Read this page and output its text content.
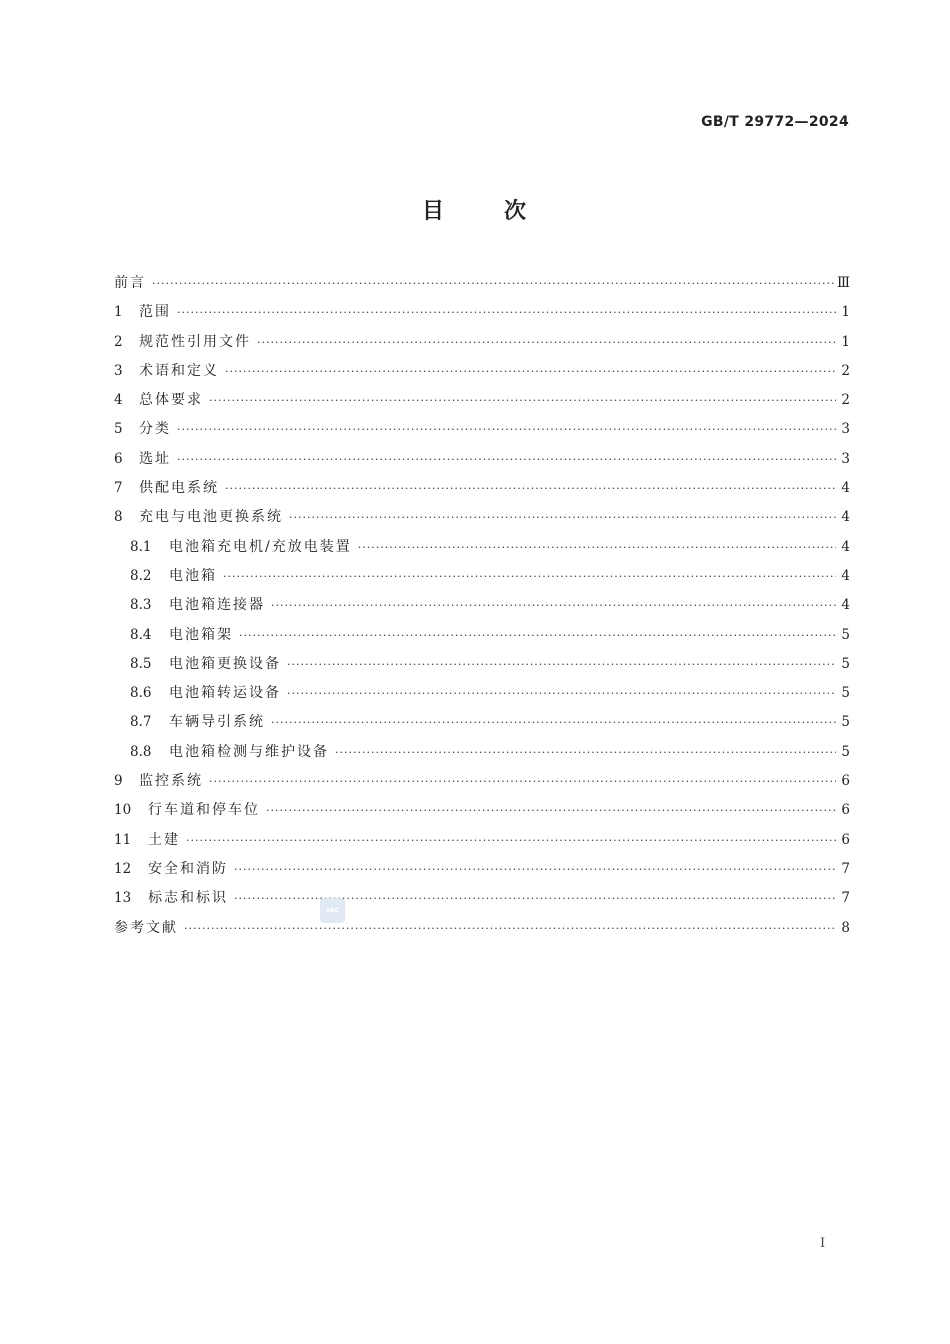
GB/T 29772—2024
目	次
前言 ·····	Ⅲ
1	范围 ·····	1
2	规范性引用文件 ·····	1
3	术语和定义 ·····	2
4	总体要求 ·····	2
5	分类 ·····	3
6	选址 ·····	3
7	供配电系统 ·····	4
8	充电与电池更换系统 ·····	4
8.1	电池箱充电机/充放电装置 ·····	4
8.2	电池箱 ·····	4
8.3	电池箱连接器 ·····	4
8.4	电池箱架 ·····	5
8.5	电池箱更换设备 ·····	5
8.6	电池箱转运设备 ·····	5
8.7	车辆导引系统 ·····	5
8.8	电池箱检测与维护设备 ·····	5
9	监控系统 ·····	6
10	行车道和停车位 ·····	6
11	土建 ·····	6
12	安全和消防 ·····	7
13	标志和标识 ·····	7
参考文献 ·····	8
SAC
I
